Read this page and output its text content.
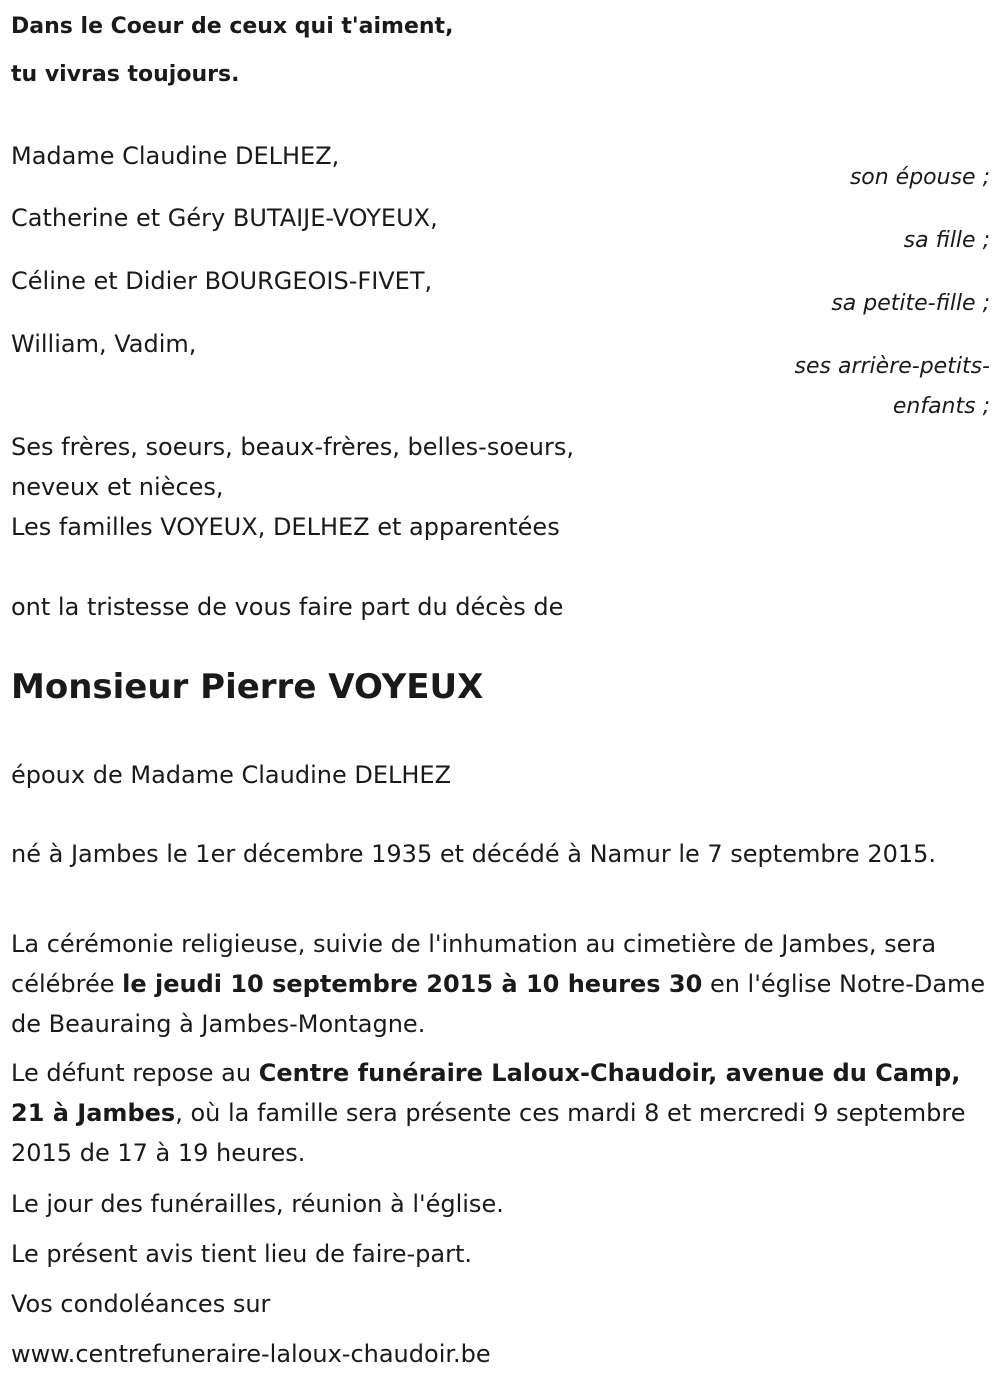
Dans le Coeur de ceux qui t'aiment,
tu vivras toujours.
Madame Claudine DELHEZ,
son épouse ;
Catherine et Géry BUTAIJE-VOYEUX,
sa fille ;
Céline et Didier BOURGEOIS-FIVET,
sa petite-fille ;
William, Vadim,
ses arrière-petits-
enfants ;
Ses frères, soeurs, beaux-frères, belles-soeurs,
neveux et nièces,
Les familles VOYEUX, DELHEZ et apparentées
ont la tristesse de vous faire part du décès de
Monsieur Pierre VOYEUX
époux de Madame Claudine DELHEZ
né à Jambes le 1er décembre 1935 et décédé à Namur le 7 septembre 2015.
La cérémonie religieuse, suivie de l'inhumation au cimetière de Jambes, sera célébrée le jeudi 10 septembre 2015 à 10 heures 30 en l'église Notre-Dame de Beauraing à Jambes-Montagne.
Le défunt repose au Centre funéraire Laloux-Chaudoir, avenue du Camp, 21 à Jambes, où la famille sera présente ces mardi 8 et mercredi 9 septembre 2015 de 17 à 19 heures.
Le jour des funérailles, réunion à l'église.
Le présent avis tient lieu de faire-part.
Vos condoléances sur
www.centrefuneraire-laloux-chaudoir.be
